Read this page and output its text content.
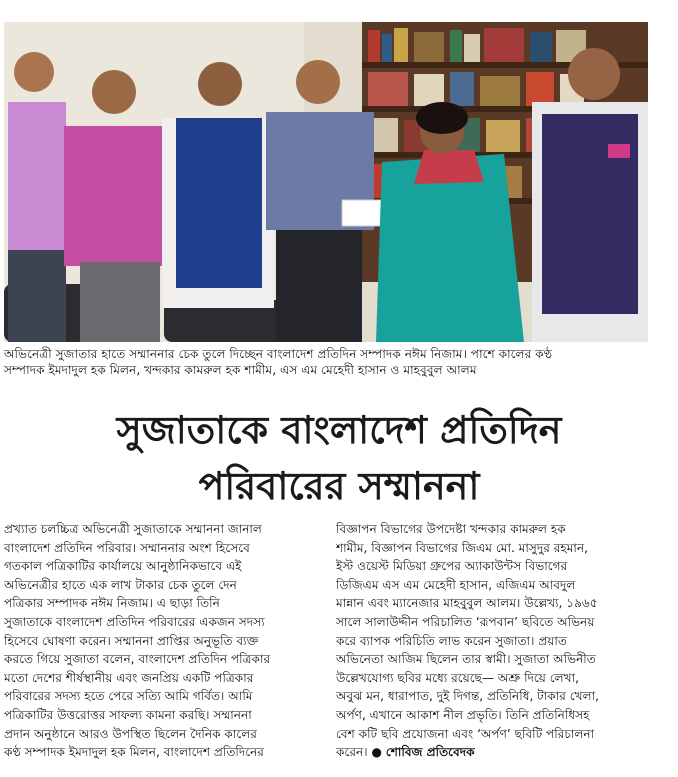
অভিনেত্রী সুজাতার হাতে সম্মাননার চেক তুলে দিচ্ছেন বাংলাদেশ প্রতিদিন সম্পাদক নঈম নিজাম। পাশে কালের কণ্ঠ
সম্পাদক ইমদাদুল হক মিলন, খন্দকার কামরুল হক শামীম, এস এম মেহেদী হাসান ও মাহবুবুল আলম
সুজাতাকে বাংলাদেশ প্রতিদিন
পরিবারের সম্মাননা
প্রখ্যাত চলচ্চিত্র অভিনেত্রী সুজাতাকে সম্মাননা জানাল
বাংলাদেশ প্রতিদিন পরিবার। সম্মাননার অংশ হিসেবে
গতকাল পত্রিকাটির কার্যালয়ে আনুষ্ঠানিকভাবে এই
অভিনেত্রীর হাতে এক লাখ টাকার চেক তুলে দেন
পত্রিকার সম্পাদক নঈম নিজাম। এ ছাড়া তিনি
সুজাতাকে বাংলাদেশ প্রতিদিন পরিবারের একজন সদস্য
হিসেবে ঘোষণা করেন। সম্মাননা প্রাপ্তির অনুভূতি ব্যক্ত
করতে গিয়ে সুজাতা বলেন, বাংলাদেশ প্রতিদিন পত্রিকার
মতো দেশের শীর্ষস্থানীয় এবং জনপ্রিয় একটি পত্রিকার
পরিবারের সদস্য হতে পেরে সত্যি আমি গর্বিত। আমি
পত্রিকাটির উত্তরোত্তর সাফল্য কামনা করছি। সম্মাননা
প্রদান অনুষ্ঠানে আরও উপস্থিত ছিলেন দৈনিক কালের
কণ্ঠ সম্পাদক ইমদাদুল হক মিলন, বাংলাদেশ প্রতিদিনের
বিজ্ঞাপন বিভাগের উপদেষ্টা খন্দকার কামরুল হক
শামীম, বিজ্ঞাপন বিভাগের জিএম মো. মাসুদুর রহমান,
ইস্ট ওয়েস্ট মিডিয়া গ্রুপের অ্যাকাউন্টস বিভাগের
ডিজিএম এস এম মেহেদী হাসান, এজিএম আবদুল
মান্নান এবং ম্যানেজার মাহবুবুল আলম। উল্লেখ্য, ১৯৬৫
সালে সালাউদ্দীন পরিচালিত ‘রূপবান’ ছবিতে অভিনয়
করে ব্যাপক পরিচিতি লাভ করেন সুজাতা। প্রয়াত
অভিনেতা আজিম ছিলেন তার স্বামী। সুজাতা অভিনীত
উল্লেখযোগ্য ছবির মধ্যে রয়েছে— অশ্রু দিয়ে লেখা,
অবুঝ মন, ধারাপাত, দুই দিগন্ত, প্রতিনিধি, টাকার খেলা,
অর্পণ, এখানে আকাশ নীল প্রভৃতি। তিনি প্রতিনিধিসহ
বেশ কটি ছবি প্রযোজনা এবং ‘অর্পণ’ ছবিটি পরিচালনা
করেন। ● শোবিজ প্রতিবেদক
